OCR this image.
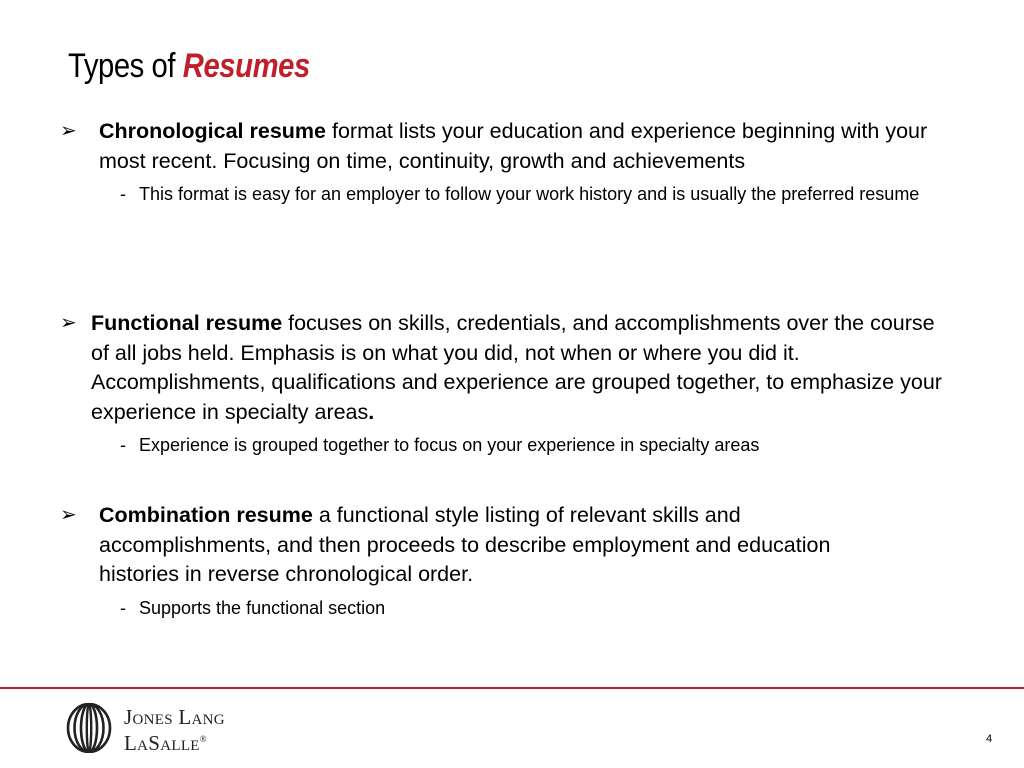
Types of Resumes
➢ Chronological resume format lists your education and experience beginning with your most recent. Focusing on time, continuity, growth and achievements
- This format is easy for an employer to follow your work history and is usually the preferred resume
➢ Functional resume focuses on skills, credentials, and accomplishments over the course of all jobs held. Emphasis is on what you did, not when or where you did it. Accomplishments, qualifications and experience are grouped together, to emphasize your experience in specialty areas.
- Experience is grouped together to focus on your experience in specialty areas
➢ Combination resume a functional style listing of relevant skills and accomplishments, and then proceeds to describe employment and education histories in reverse chronological order.
- Supports the functional section
Jones Lang
LaSalle®	4
